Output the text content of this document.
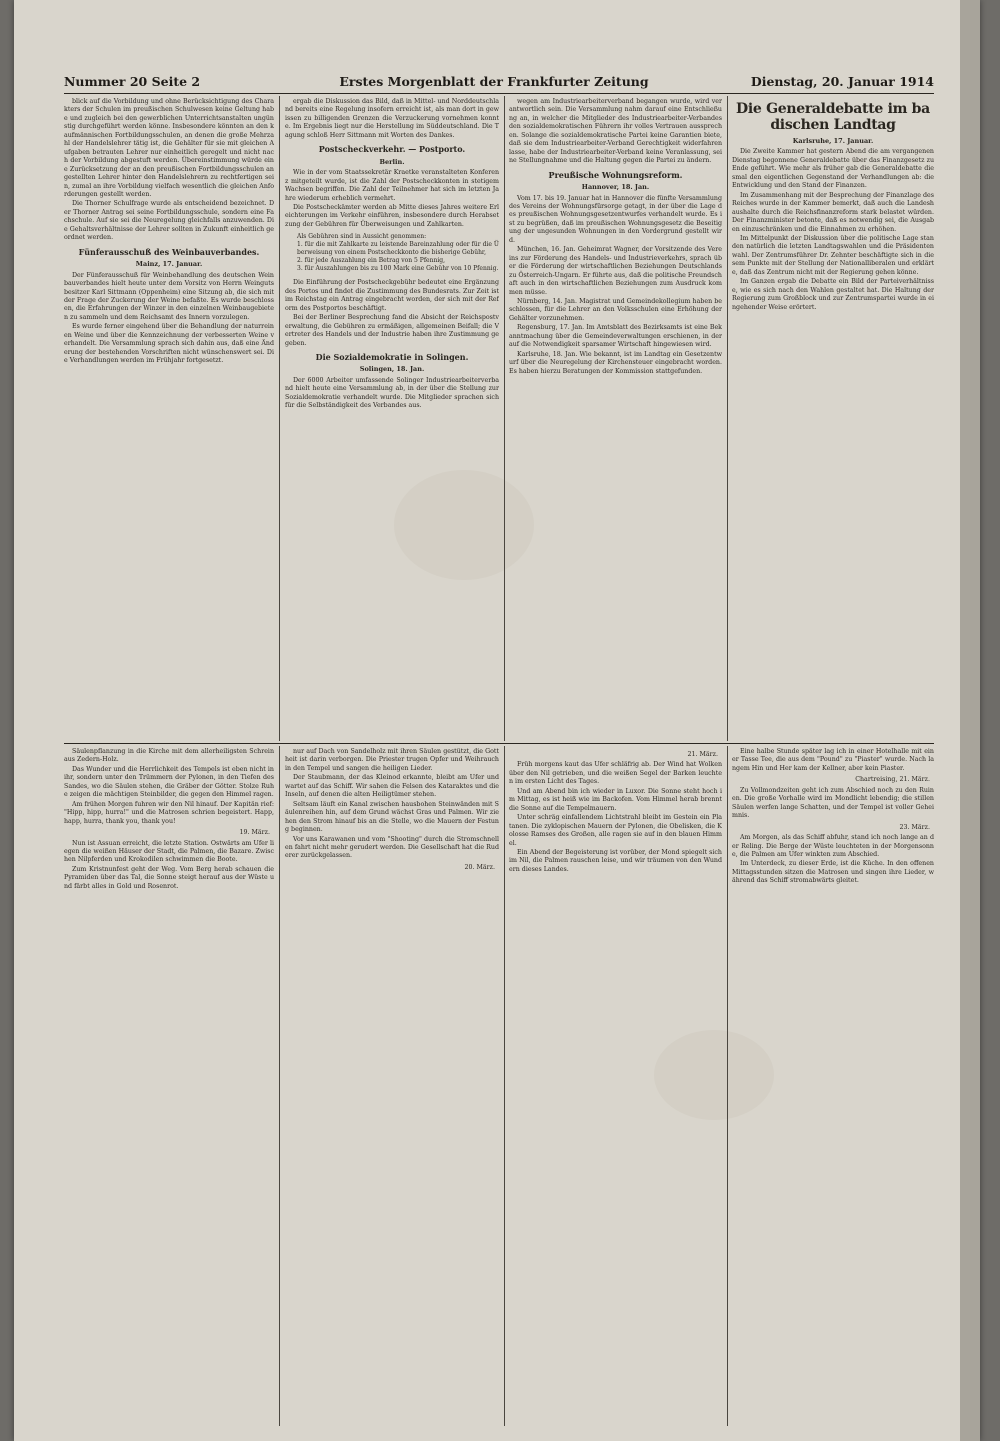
Nummer 20 Seite 2	Erstes Morgenblatt der Frankfurter Zeitung	Dienstag, 20. Januar 1914

blick auf die Vorbildung und ohne Berücksichtigung des Charakters der Schulen im preußischen Schulwesen keine Geltung habe und zugleich bei den gewerblichen Unterrichtsanstalten ungünstig durchgeführt werden könne. Insbesondere könnten an den kaufmännischen Fortbildungsschulen, an denen die große Mehrzahl der Handelslehrer tätig ist, die Gehälter für sie mit gleichen Aufgaben betrauten Lehrer nur einheitlich geregelt und nicht nach der Vorbildung abgestuft werden. Übereinstimmung würde eine Zurücksetzung der an den preußischen Fortbildungsschulen angestellten Lehrer hinter den Handelslehrern zu rechtfertigen sein, zumal an ihre Vorbildung vielfach wesentlich die gleichen Anforderungen gestellt werden.

Die Thorner Schulfrage wurde als entscheidend bezeichnet. Der Thorner Antrag sei seine Fortbildungsschule, sondern eine Fachschule. Auf sie sei die Neuregelung gleichfalls anzuwenden. Die Gehaltsverhältnisse der Lehrer sollten in Zukunft einheitlich geordnet werden.

Fünferausschuß des Weinbauverbandes.
Mainz, 17. Januar.

Der Fünferausschuß für Weinbehandlung des deutschen Weinbauverbandes hielt heute unter dem Vorsitz von Herrn Weingutsbesitzer Karl Sittmann (Oppenheim) eine Sitzung ab, die sich mit der Frage der Zuckerung der Weine befaßte. Es wurde beschlossen, die Erfahrungen der Winzer in den einzelnen Weinbaugebieten zu sammeln und dem Reichsamt des Innern vorzulegen.

Es wurde ferner eingehend über die Behandlung der naturreinen Weine und über die Kennzeichnung der verbesserten Weine verhandelt. Die Versammlung sprach sich dahin aus, daß eine Änderung der bestehenden Vorschriften nicht wünschenswert sei. Die Verhandlungen werden im Frühjahr fortgesetzt.

ergab die Diskussion das Bild, daß in Mittel- und Norddeutschland bereits eine Regelung insofern erreicht ist, als man dort in gewissen zu billigenden Grenzen die Verzuckerung vornehmen konnte. Im Ergebnis liegt nur die Herstellung im Süddeutschland. Die Tagung schloß Herr Sittmann mit Worten des Dankes.

Postscheckverkehr. — Postporto.
Berlin.

Wie in der vom Staatssekretär Kraetke veranstalteten Konferenz mitgeteilt wurde, ist die Zahl der Postscheckkonten in stetigem Wachsen begriffen. Die Zahl der Teilnehmer hat sich im letzten Jahre wiederum erheblich vermehrt.

Die Postscheckämter werden ab Mitte dieses Jahres weitere Erleichterungen im Verkehr einführen, insbesondere durch Herabsetzung der Gebühren für Überweisungen und Zahlkarten.

Als Gebühren sind in Aussicht genommen:
1. für die mit Zahlkarte zu leistende Bareinzahlung oder für die Überweisung von einem Postscheckkonto die bisherige Gebühr,
2. für jede Auszahlung ein Betrag von 5 Pfennig,
3. für Auszahlungen bis zu 100 Mark eine Gebühr von 10 Pfennig.

Die Einführung der Postscheckgebühr bedeutet eine Ergänzung des Portos und findet die Zustimmung des Bundesrats. Zur Zeit ist im Reichstag ein Antrag eingebracht worden, der sich mit der Reform des Postportos beschäftigt.

Bei der Berliner Besprechung fand die Absicht der Reichspostverwaltung, die Gebühren zu ermäßigen, allgemeinen Beifall; die Vertreter des Handels und der Industrie haben ihre Zustimmung gegeben.

Die Sozialdemokratie in Solingen.
Solingen, 18. Jan.

Der 6000 Arbeiter umfassende Solinger Industriearbeiterverband hielt heute eine Versammlung ab, in der über die Stellung zur Sozialdemokratie verhandelt wurde. Die Mitglieder sprachen sich für die Selbständigkeit des Verbandes aus.

wegen am Industriearbeiterverband begangen wurde, wird verantwortlich sein. Die Versammlung nahm darauf eine Entschließung an, in welcher die Mitglieder des Industriearbeiter-Verbandes den sozialdemokratischen Führern ihr volles Vertrauen aussprechen. Solange die sozialdemokratische Partei keine Garantien biete, daß sie dem Industriearbeiter-Verband Gerechtigkeit widerfahren lasse, habe der Industriearbeiter-Verband keine Veranlassung, seine Stellungnahme und die Haltung gegen die Partei zu ändern.

Preußische Wohnungsreform.
Hannover, 18. Jan.

Vom 17. bis 19. Januar hat in Hannover die fünfte Versammlung des Vereins der Wohnungsfürsorge getagt, in der über die Lage des preußischen Wohnungsgesetzentwurfes verhandelt wurde. Es ist zu begrüßen, daß im preußischen Wohnungsgesetz die Beseitigung der ungesunden Wohnungen in den Vordergrund gestellt wird.

München, 16. Jan. Geheimrat Wagner, der Vorsitzende des Vereins zur Förderung des Handels- und Industrieverkehrs, sprach über die Förderung der wirtschaftlichen Beziehungen Deutschlands zu Österreich-Ungarn. Er führte aus, daß die politische Freundschaft auch in den wirtschaftlichen Beziehungen zum Ausdruck kommen müsse.

Nürnberg, 14. Jan. Magistrat und Gemeindekollegium haben beschlossen, für die Lehrer an den Volksschulen eine Erhöhung der Gehälter vorzunehmen.

Regensburg, 17. Jan. Im Amtsblatt des Bezirksamts ist eine Bekanntmachung über die Gemeindeverwaltungen erschienen, in der auf die Notwendigkeit sparsamer Wirtschaft hingewiesen wird.

Karlsruhe, 18. Jan. Wie bekannt, ist im Landtag ein Gesetzentwurf über die Neuregelung der Kirchensteuer eingebracht worden. Es haben hierzu Beratungen der Kommission stattgefunden.

Die Generaldebatte im badischen Landtag
Karlsruhe, 17. Januar.

Die Zweite Kammer hat gestern Abend die am vergangenen Dienstag begonnene Generaldebatte über das Finanzgesetz zu Ende geführt. Wie mehr als früher gab die Generaldebatte diesmal den eigentlichen Gegenstand der Verhandlungen ab: die Entwicklung und den Stand der Finanzen.

Im Zusammenhang mit der Besprechung der Finanzlage des Reiches wurde in der Kammer bemerkt, daß auch die Landeshaushalte durch die Reichsfinanzreform stark belastet würden. Der Finanzminister betonte, daß es notwendig sei, die Ausgaben einzuschränken und die Einnahmen zu erhöhen.

Im Mittelpunkt der Diskussion über die politische Lage standen natürlich die letzten Landtagswahlen und die Präsidentenwahl. Der Zentrumsführer Dr. Zehnter beschäftigte sich in diesem Punkte mit der Stellung der Nationalliberalen und erklärte, daß das Zentrum nicht mit der Regierung gehen könne.

Im Ganzen ergab die Debatte ein Bild der Parteiverhältnisse, wie es sich nach den Wahlen gestaltet hat. Die Haltung der Regierung zum Großblock und zur Zentrumspartei wurde in eingehender Weise erörtert.

Säulenpflanzung in die Kirche mit dem allerheiligsten Schrein aus Zedern-Holz.

Das Wunder und die Herrlichkeit des Tempels ist eben nicht in ihr, sondern unter den Trümmern der Pylonen, in den Tiefen des Sandes, wo die Säulen stehen, die Gräber der Götter. Stolze Ruhe zeigen die mächtigen Steinbilder, die gegen den Himmel ragen.

Am frühen Morgen fuhren wir den Nil hinauf. Der Kapitän rief: "Hipp, hipp, hurra!" und die Matrosen schrien begeistert. Happ, happ, hurra, thank you, thank you!

19. März.

Nun ist Assuan erreicht, die letzte Station. Ostwärts am Ufer liegen die weißen Häuser der Stadt, die Palmen, die Bazare. Zwischen Nilpferden und Krokodilen schwimmen die Boote.

Zum Kristnunfest geht der Weg. Vom Berg herab schauen die Pyramiden über das Tal, die Sonne steigt herauf aus der Wüste und färbt alles in Gold und Rosenrot.

nur auf Dach von Sandelholz mit ihren Säulen gestützt, die Gottheit ist darin verborgen. Die Priester trugen Opfer und Weihrauch in den Tempel und sangen die heiligen Lieder.

Der Staubmann, der das Kleinod erkannte, bleibt am Ufer und wartet auf das Schiff. Wir sahen die Felsen des Kataraktes und die Inseln, auf denen die alten Heiligtümer stehen.

Seltsam läuft ein Kanal zwischen hausbohen Steinwänden mit Säulenreihen hin, auf dem Grund wächst Gras und Palmen. Wir ziehen den Strom hinauf bis an die Stelle, wo die Mauern der Festung beginnen.

Vor uns Karawanen und vom "Shooting" durch die Stromschnellen fahrt nicht mehr gerudert werden. Die Gesellschaft hat die Ruderer zurückgelassen.

20. März.
21. März.

Früh morgens kaut das Ufer schläfrig ab. Der Wind hat Wolken über den Nil getrieben, und die weißen Segel der Barken leuchten im ersten Licht des Tages.

Und am Abend bin ich wieder in Luxor. Die Sonne steht hoch im Mittag, es ist heiß wie im Backofen. Vom Himmel herab brennt die Sonne auf die Tempelmauern.

Unter schräg einfallendem Lichtstrahl bleibt im Gestein ein Platanen. Die zyklopischen Mauern der Pylonen, die Obelisken, die Kolosse Ramses des Großen, alle ragen sie auf in den blauen Himmel.

Ein Abend der Begeisterung ist vorüber, der Mond spiegelt sich im Nil, die Palmen rauschen leise, und wir träumen von den Wundern dieses Landes.

Eine halbe Stunde später lag ich in einer Hotelhalle mit einer Tasse Tee, die aus dem "Pound" zu "Piaster" wurde. Nach langem Hin und Her kam der Kellner, aber kein Piaster.

Chartreising, 21. März.

Zu Vollmondzeiten geht ich zum Abschied noch zu den Ruinen. Die große Vorhalle wird im Mondlicht lebendig; die stillen Säulen werfen lange Schatten, und der Tempel ist voller Geheimnis.

23. März.

Am Morgen, als das Schiff abfuhr, stand ich noch lange an der Reling. Die Berge der Wüste leuchteten in der Morgensonne, die Palmen am Ufer winkten zum Abschied.

Im Unterdeck, zu dieser Erde, ist die Küche. In den offenen Mittagsstunden sitzen die Matrosen und singen ihre Lieder, während das Schiff stromabwärts gleitet.
